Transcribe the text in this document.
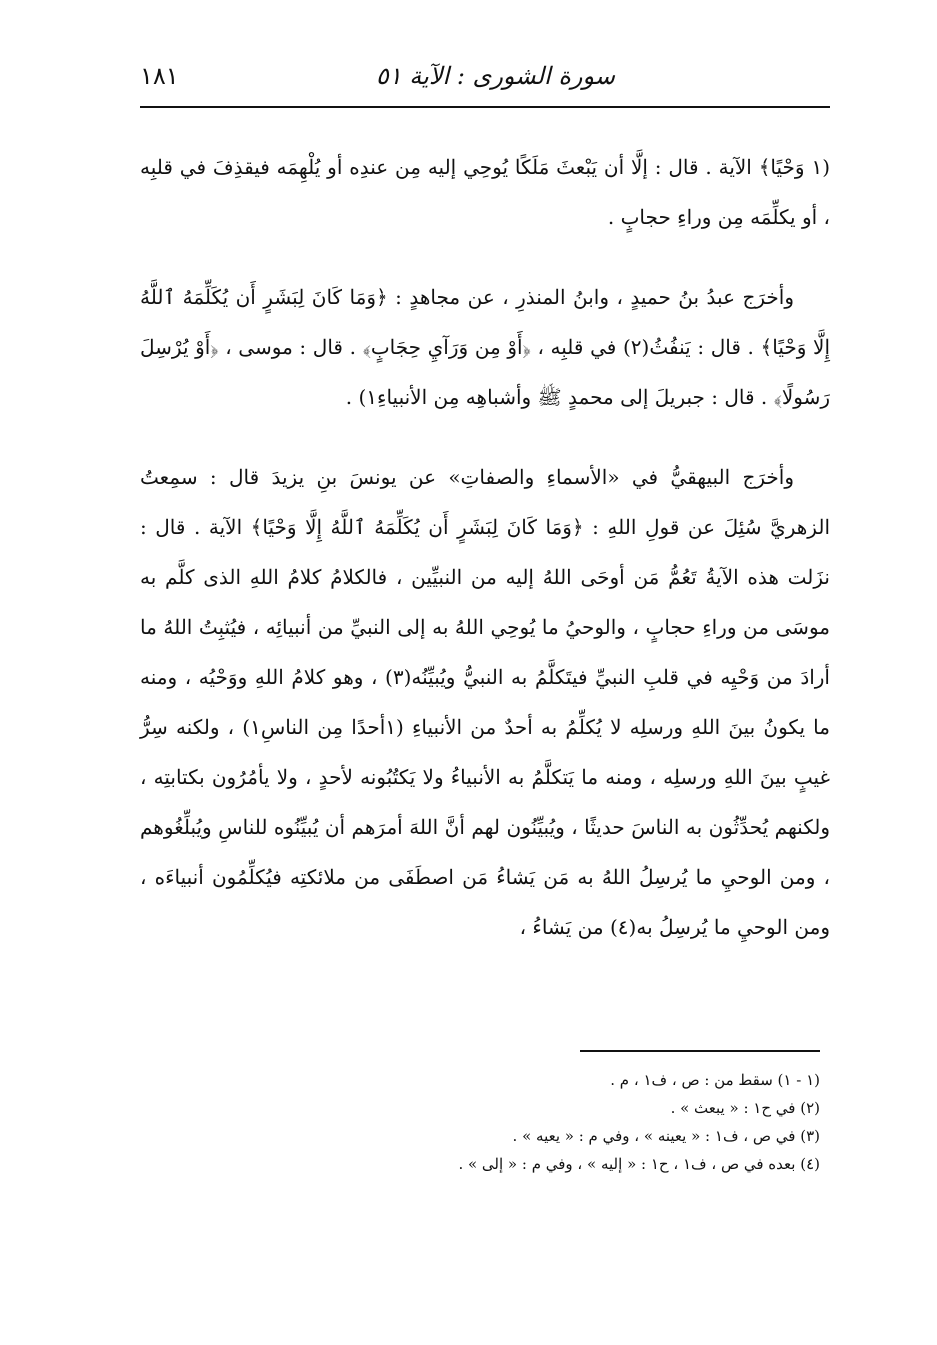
سورة الشورى : الآية ٥١
١٨١

(١ وَحْيًا﴾ الآية . قال : إلَّا أن يَبْعثَ مَلَكًا يُوحِي إليه مِن عندِه أو يُلْهِمَه فيقذِفَ في قلبِه ، أو يكلِّمَه مِن وراءِ حجابٍ .

وأخرَج عبدُ بنُ حميدٍ ، وابنُ المنذرِ ، عن مجاهدٍ : ﴿وَمَا كَانَ لِبَشَرٍ أَن يُكَلِّمَهُ ٱللَّهُ إِلَّا وَحْيًا﴾ . قال : يَنفُثُ(٢) في قلبِه ، ﴿أَوْ مِن وَرَآيِ حِجَابٍ﴾ . قال : موسى ، ﴿أَوْ يُرْسِلَ رَسُولًا﴾ . قال : جبريلَ إلى محمدٍ ﷺ وأشباهِه مِن الأنبياءِ١) .

وأخرَج البيهقيُّ في «الأسماءِ والصفاتِ» عن يونسَ بنِ يزيدَ قال : سمِعتُ الزهريَّ سُئِلَ عن قولِ اللهِ : ﴿وَمَا كَانَ لِبَشَرٍ أَن يُكَلِّمَهُ ٱللَّهُ إِلَّا وَحْيًا﴾ الآية . قال : نزَلت هذه الآيةُ تَعُمُّ مَن أوحَى اللهُ إليه من النبيِّين ، فالكلامُ كلامُ اللهِ الذى كلَّم به موسَى من وراءِ حجابٍ ، والوحيُ ما يُوحِي اللهُ به إلى النبيِّ من أنبيائِه ، فيُثبِتُ اللهُ ما أرادَ من وَحْيِه في قلبِ النبيِّ فيتَكلَّمُ به النبيُّ ويُبيِّنُه(٣) ، وهو كلامُ اللهِ ووَحْيُه ، ومنه ما يكونُ بينَ اللهِ ورسلِه لا يُكلِّمُ به أحدٌ من الأنبياءِ (١أحدًا مِن الناسِ١) ، ولكنه سِرُّ غيبٍ بينَ اللهِ ورسلِه ، ومنه ما يَتكلَّمُ به الأنبياءُ ولا يَكتُبُونه لأحدٍ ، ولا يأمُرُون بكتابتِه ، ولكنهم يُحدِّثُون به الناسَ حديثًا ، ويُبيِّنُون لهم أنَّ اللهَ أمرَهم أن يُبيِّنُوه للناسِ ويُبلِّغُوهم ، ومن الوحيِ ما يُرسِلُ اللهُ به مَن يَشاءُ مَن اصطَفَى من ملائكتِه فيُكلِّمُون أنبياءَه ، ومن الوحيِ ما يُرسِلُ به(٤) من يَشاءُ ،

(١ - ١) سقط من : ص ، ف١ ، م .

(٢) في ح١ : « يبعث » .

(٣) في ص ، ف١ : « يعينه » ، وفي م : « يعيه » .

(٤) بعده في ص ، ف١ ، ح١ : « إليه » ، وفي م : « إلى » .
